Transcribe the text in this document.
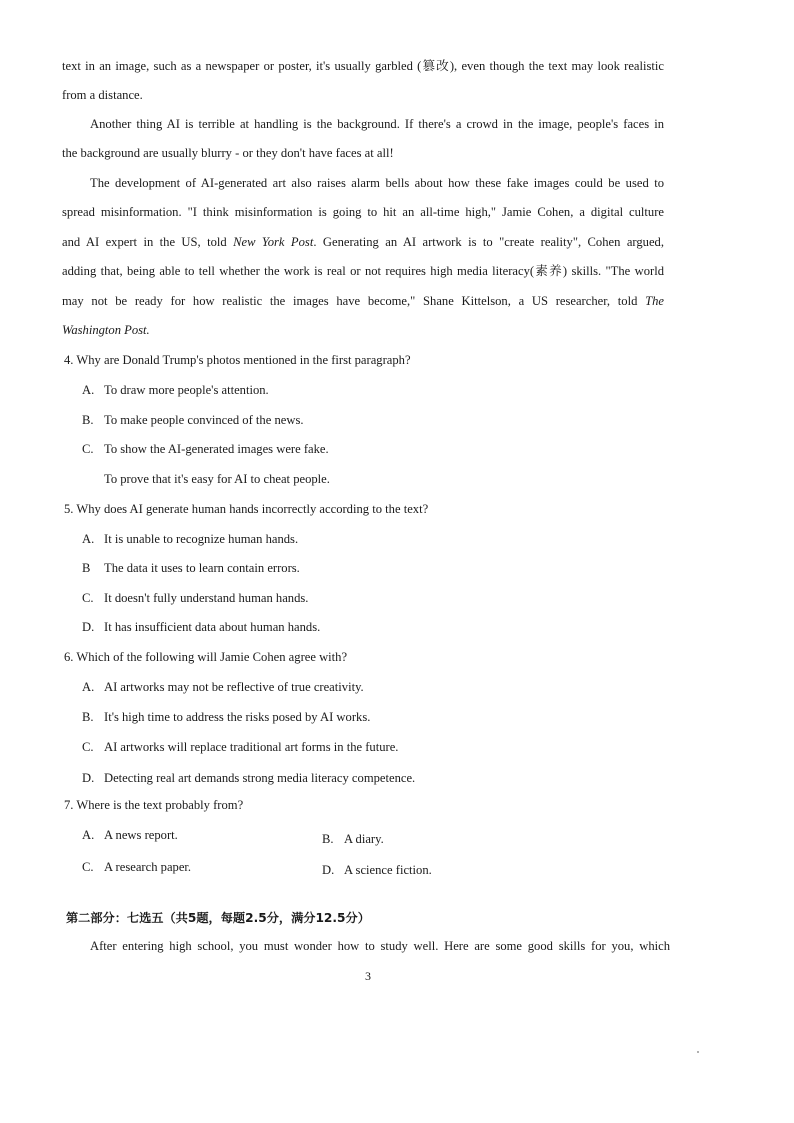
text in an image, such as a newspaper or poster, it's usually garbled (篡改), even though the text may look realistic
from a distance.
Another thing AI is terrible at handling is the background. If there's a crowd in the image, people's faces in
the background are usually blurry - or they don't have faces at all!
The development of AI-generated art also raises alarm bells about how these fake images could be used to
spread misinformation. "I think misinformation is going to hit an all-time high," Jamie Cohen, a digital culture
and AI expert in the US, told New York Post. Generating an AI artwork is to "create reality", Cohen argued,
adding that, being able to tell whether the work is real or not requires high media literacy(素养) skills. "The world
may not be ready for how realistic the images have become," Shane Kittelson, a US researcher, told The
Washington Post.
4. Why are Donald Trump's photos mentioned in the first paragraph?
A. To draw more people's attention.
B. To make people convinced of the news.
C. To show the AI-generated images were fake.
To prove that it's easy for AI to cheat people.
5. Why does AI generate human hands incorrectly according to the text?
A. It is unable to recognize human hands.
B The data it uses to learn contain errors.
C. It doesn't fully understand human hands.
D. It has insufficient data about human hands.
6. Which of the following will Jamie Cohen agree with?
A. AI artworks may not be reflective of true creativity.
B. It's high time to address the risks posed by AI works.
C. AI artworks will replace traditional art forms in the future.
D. Detecting real art demands strong media literacy competence.
7. Where is the text probably from?
A. A news report.	B. A diary.
C. A research paper.	D. A science fiction.
第二部分：七选五（共5题，每题2.5分，满分12.5分）
After entering high school, you must wonder how to study well. Here are some good skills for you, which
3
